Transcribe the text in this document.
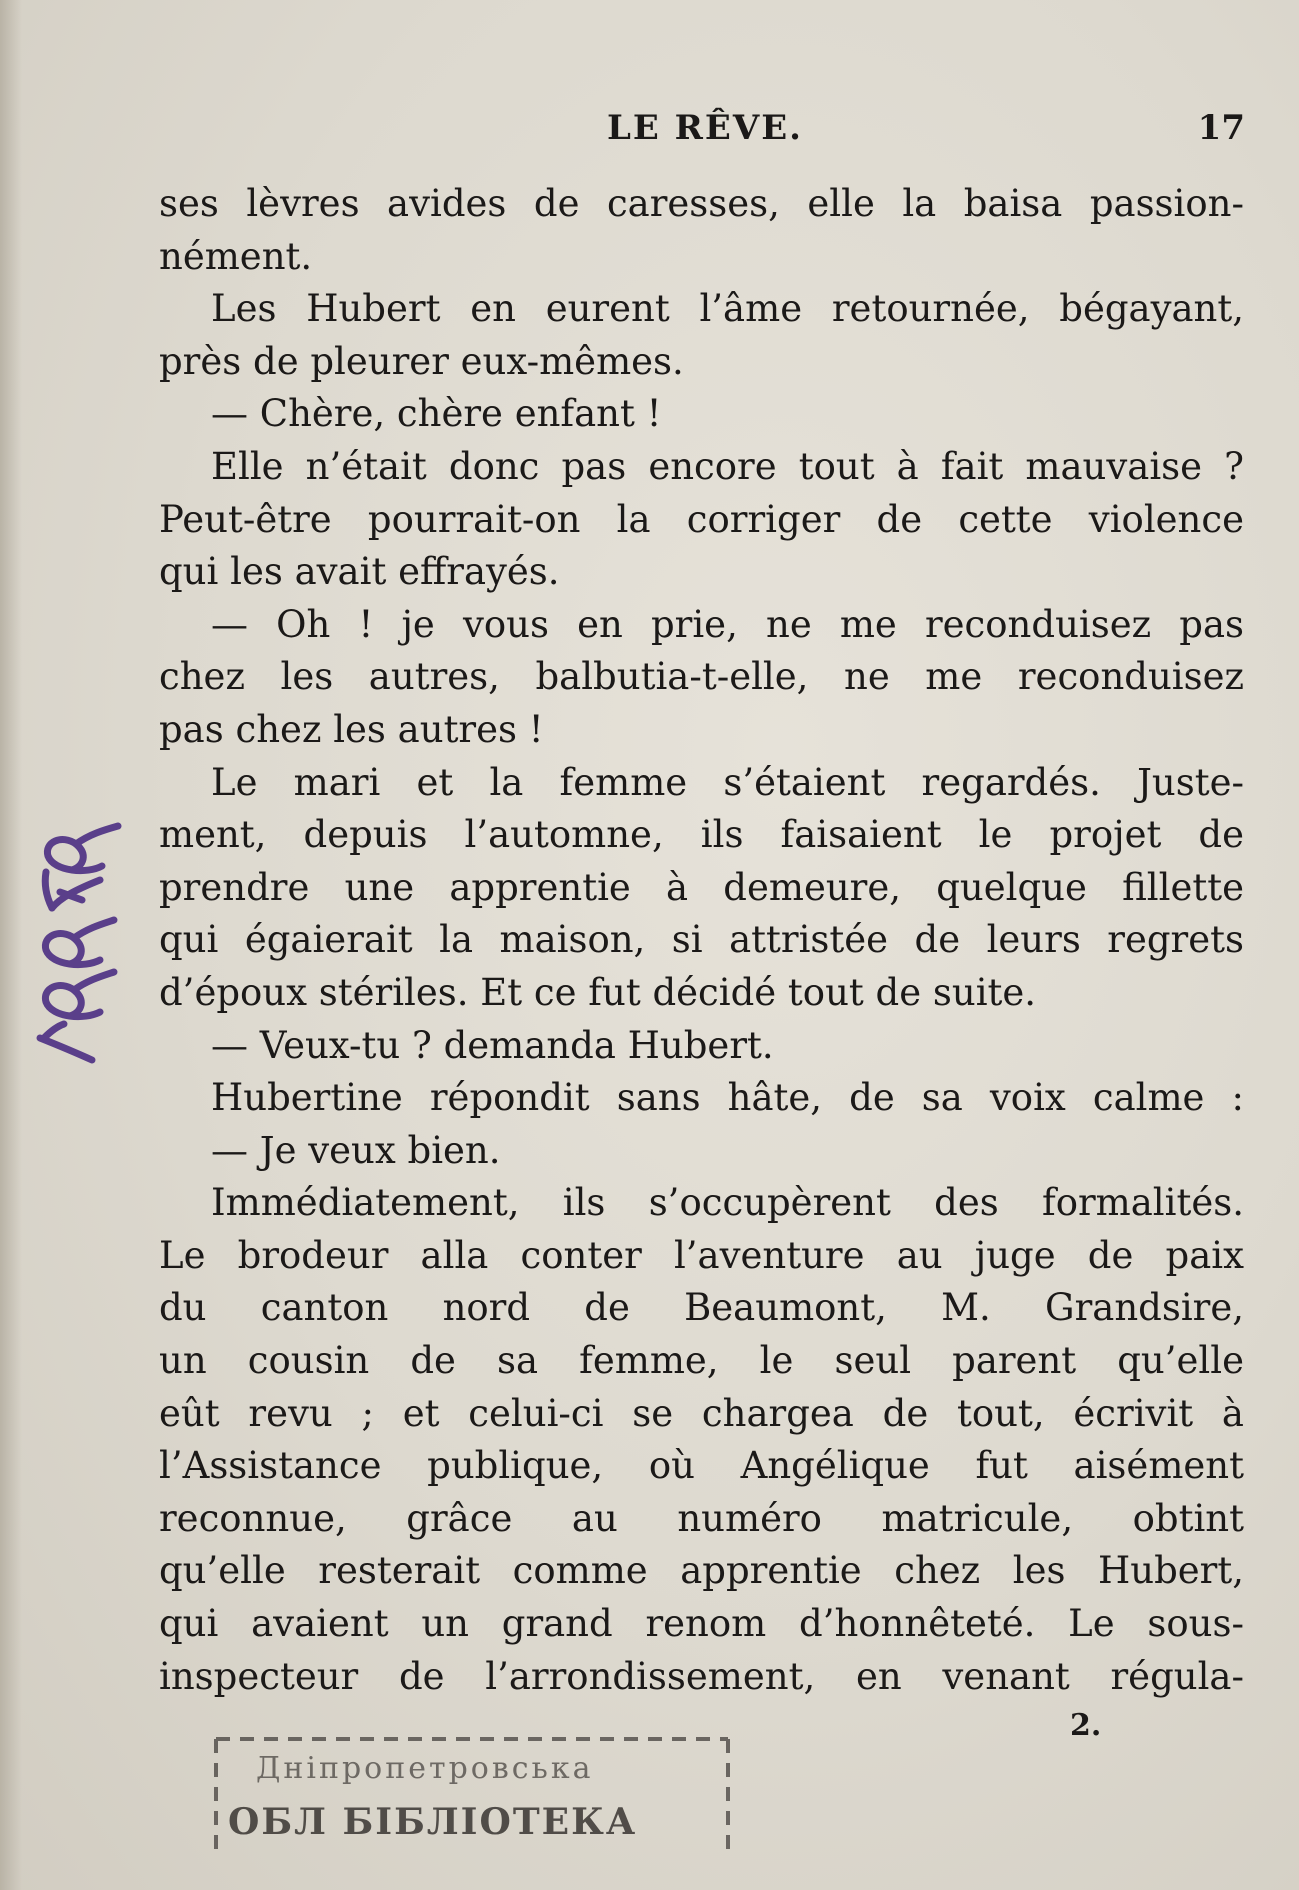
LE RÊVE.	17
ses lèvres avides de caresses, elle la baisa passion-
nément.
Les Hubert en eurent l’âme retournée, bégayant,
près de pleurer eux-mêmes.
— Chère, chère enfant !
Elle n’était donc pas encore tout à fait mauvaise ?
Peut-être pourrait-on la corriger de cette violence
qui les avait effrayés.
— Oh ! je vous en prie, ne me reconduisez pas
chez les autres, balbutia-t-elle, ne me reconduisez
pas chez les autres !
Le mari et la femme s’étaient regardés. Juste-
ment, depuis l’automne, ils faisaient le projet de
prendre une apprentie à demeure, quelque fillette
qui égaierait la maison, si attristée de leurs regrets
d’époux stériles. Et ce fut décidé tout de suite.
— Veux-tu ? demanda Hubert.
Hubertine répondit sans hâte, de sa voix calme :
— Je veux bien.
Immédiatement, ils s’occupèrent des formalités.
Le brodeur alla conter l’aventure au juge de paix
du canton nord de Beaumont, M. Grandsire,
un cousin de sa femme, le seul parent qu’elle
eût revu ; et celui-ci se chargea de tout, écrivit à
l’Assistance publique, où Angélique fut aisément
reconnue, grâce au numéro matricule, obtint
qu’elle resterait comme apprentie chez les Hubert,
qui avaient un grand renom d’honnêteté. Le sous-
inspecteur de l’arrondissement, en venant régula-
2.
Дніпропетровська
ОБЛ БІБЛІОТЕКА
